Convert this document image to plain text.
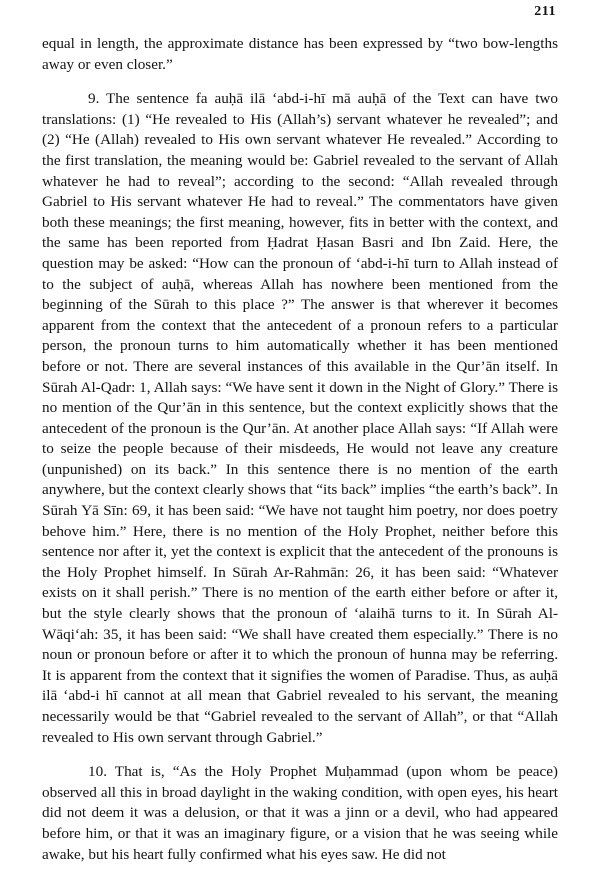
211

equal in length, the approximate distance has been expressed by “two bow-lengths away or even closer.”

9. The sentence fa auḥā ilā ‘abd-i-hī mā auḥā of the Text can have two translations: (1) “He revealed to His (Allah’s) servant whatever he revealed”; and (2) “He (Allah) revealed to His own servant whatever He revealed.” According to the first translation, the meaning would be: Gabriel revealed to the servant of Allah whatever he had to reveal”; according to the second: “Allah revealed through Gabriel to His servant whatever He had to reveal.” The commentators have given both these meanings; the first meaning, however, fits in better with the context, and the same has been reported from Ḥadrat Ḥasan Basri and Ibn Zaid. Here, the question may be asked: “How can the pronoun of ‘abd-i-hī turn to Allah instead of to the subject of auḥā, whereas Allah has nowhere been mentioned from the beginning of the Sūrah to this place ?” The answer is that wherever it becomes apparent from the context that the antecedent of a pronoun refers to a particular person, the pronoun turns to him automatically whether it has been mentioned before or not. There are several instances of this available in the Qur’ān itself. In Sūrah Al-Qadr: 1, Allah says: “We have sent it down in the Night of Glory.” There is no mention of the Qur’ān in this sentence, but the context explicitly shows that the antecedent of the pronoun is the Qur’ān. At another place Allah says: “If Allah were to seize the people because of their misdeeds, He would not leave any creature (unpunished) on its back.” In this sentence there is no mention of the earth anywhere, but the context clearly shows that “its back” implies “the earth’s back”. In Sūrah Yā Sīn: 69, it has been said: “We have not taught him poetry, nor does poetry behove him.” Here, there is no mention of the Holy Prophet, neither before this sentence nor after it, yet the context is explicit that the antecedent of the pronouns is the Holy Prophet himself. In Sūrah Ar-Rahmān: 26, it has been said: “Whatever exists on it shall perish.” There is no mention of the earth either before or after it, but the style clearly shows that the pronoun of ‘alaihā turns to it. In Sūrah Al-Wāqi‘ah: 35, it has been said: “We shall have created them especially.” There is no noun or pronoun before or after it to which the pronoun of hunna may be referring. It is apparent from the context that it signifies the women of Paradise. Thus, as auḥā ilā ‘abd-i hī cannot at all mean that Gabriel revealed to his servant, the meaning necessarily would be that “Gabriel revealed to the servant of Allah”, or that “Allah revealed to His own servant through Gabriel.”

10. That is, “As the Holy Prophet Muḥammad (upon whom be peace) observed all this in broad daylight in the waking condition, with open eyes, his heart did not deem it was a delusion, or that it was a jinn or a devil, who had appeared before him, or that it was an imaginary figure, or a vision that he was seeing while awake, but his heart fully confirmed what his eyes saw. He did not
